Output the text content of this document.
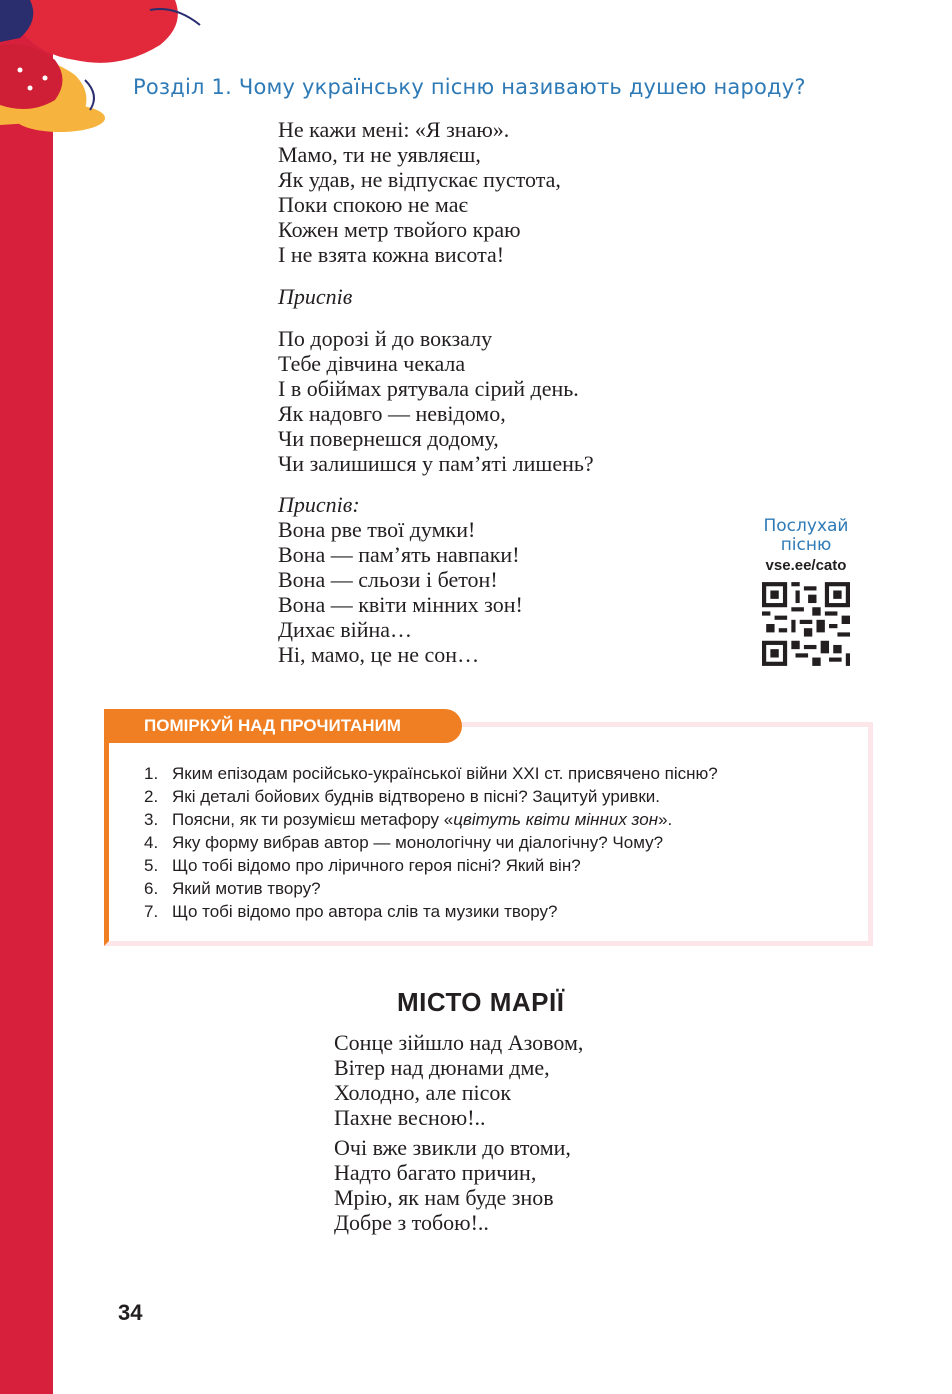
Розділ 1. Чому українську пісню називають душею народу?
Не кажи мені: «Я знаю».
Мамо, ти не уявляєш,
Як удав, не відпускає пустота,
Поки спокою не має
Кожен метр твойого краю
І не взята кожна висота!
Приспів
По дорозі й до вокзалу
Тебе дівчина чекала
І в обіймах рятувала сірий день.
Як надовго — невідомо,
Чи повернешся додому,
Чи залишишся у пам’яті лишень?
Приспів:
Вона рве твої думки!
Вона — пам’ять навпаки!
Вона — сльози і бетон!
Вона — квіти мінних зон!
Дихає війна…
Ні, мамо, це не сон…
Послухай
пісню
vse.ee/cato
ПОМІРКУЙ НАД ПРОЧИТАНИМ
1. Яким епізодам російсько-української війни XXI ст. присвячено пісню?
2. Які деталі бойових буднів відтворено в пісні? Зацитуй уривки.
3. Поясни, як ти розумієш метафору «цвітуть квіти мінних зон».
4. Яку форму вибрав автор — монологічну чи діалогічну? Чому?
5. Що тобі відомо про ліричного героя пісні? Який він?
6. Який мотив твору?
7. Що тобі відомо про автора слів та музики твору?
МІСТО МАРІЇ
Сонце зійшло над Азовом,
Вітер над дюнами дме,
Холодно, але пісок
Пахне весною!..
Очі вже звикли до втоми,
Надто багато причин,
Мрію, як нам буде знов
Добре з тобою!..
34
